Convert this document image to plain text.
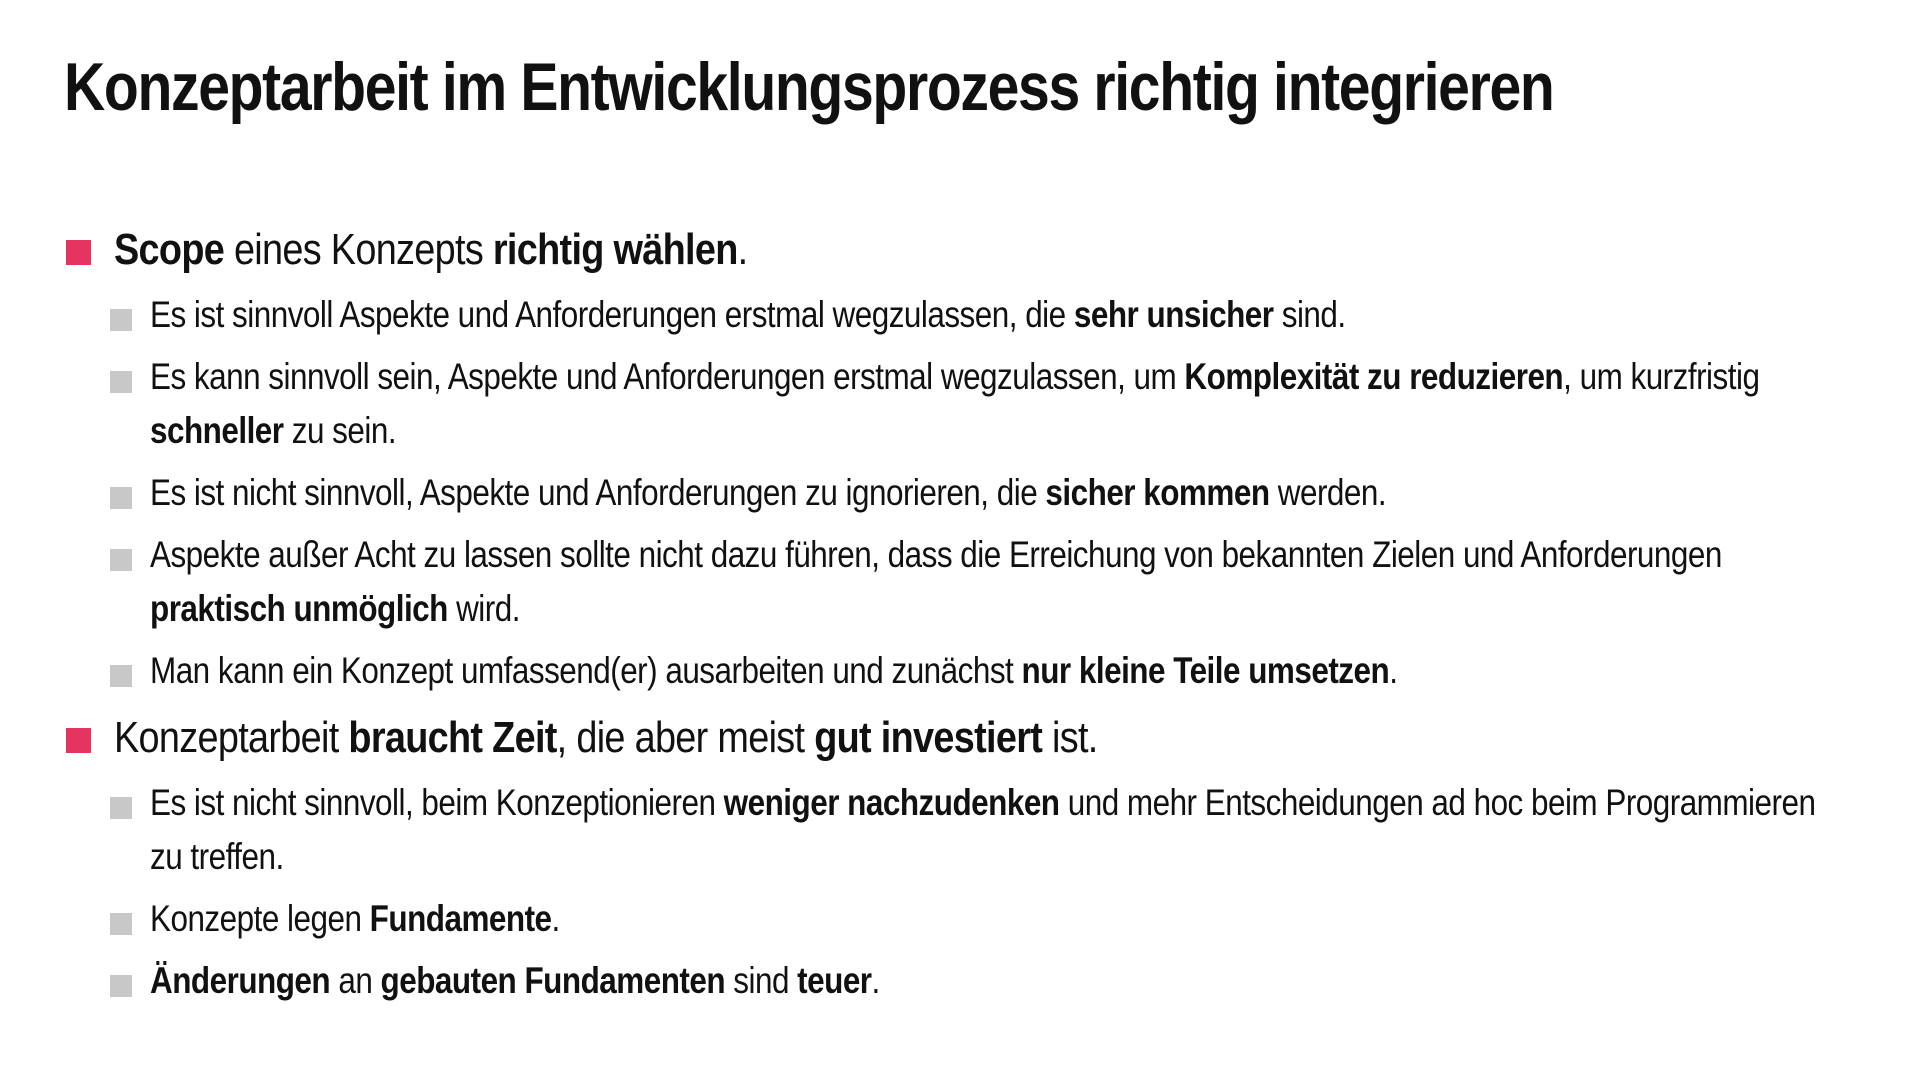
Konzeptarbeit im Entwicklungsprozess richtig integrieren
Scope eines Konzepts richtig wählen.
Es ist sinnvoll Aspekte und Anforderungen erstmal wegzulassen, die sehr unsicher sind.
Es kann sinnvoll sein, Aspekte und Anforderungen erstmal wegzulassen, um Komplexität zu reduzieren, um kurzfristig schneller zu sein.
Es ist nicht sinnvoll, Aspekte und Anforderungen zu ignorieren, die sicher kommen werden.
Aspekte außer Acht zu lassen sollte nicht dazu führen, dass die Erreichung von bekannten Zielen und Anforderungen praktisch unmöglich wird.
Man kann ein Konzept umfassend(er) ausarbeiten und zunächst nur kleine Teile umsetzen.
Konzeptarbeit braucht Zeit, die aber meist gut investiert ist.
Es ist nicht sinnvoll, beim Konzeptionieren weniger nachzudenken und mehr Entscheidungen ad hoc beim Programmieren zu treffen.
Konzepte legen Fundamente.
Änderungen an gebauten Fundamenten sind teuer.
